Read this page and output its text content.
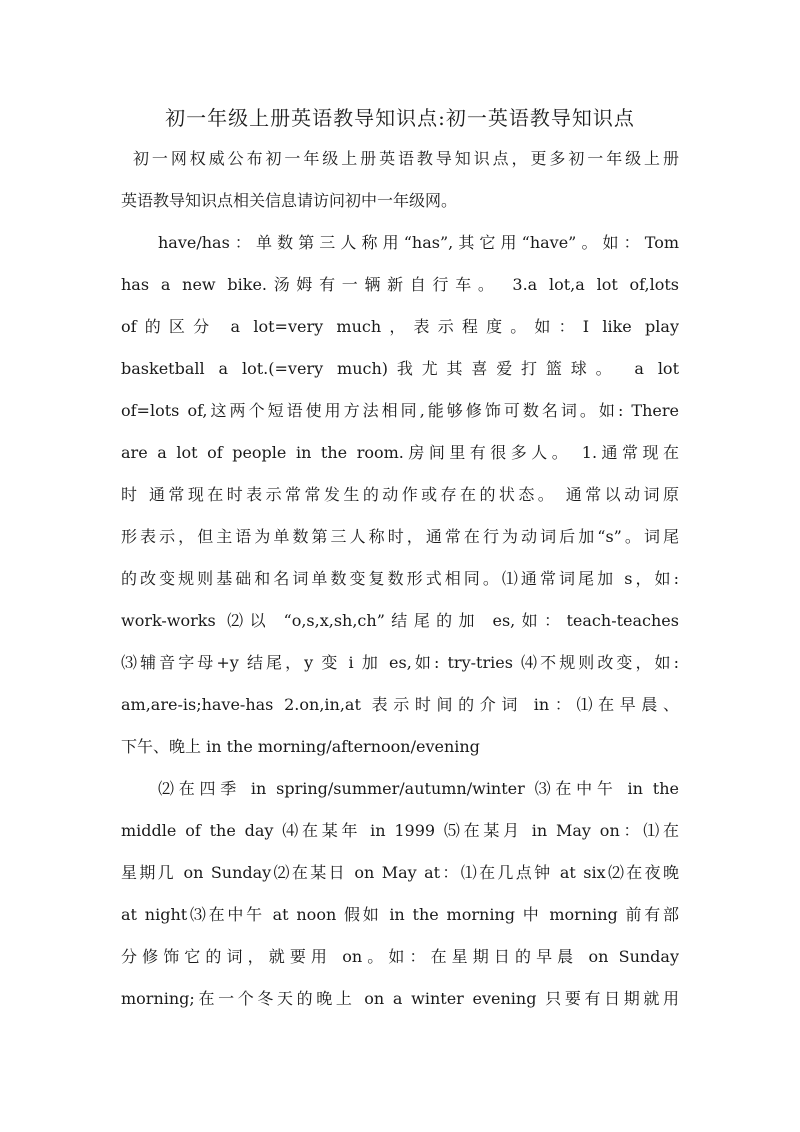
初一年级上册英语教导知识点:初一英语教导知识点
初一网权威公布初一年级上册英语教导知识点，更多初一年级上册
英语教导知识点相关信息请访问初中一年级网。
have/has：单数第三人称用“has”,其它用“have”。如：Tom
has a new bike.汤姆有一辆新自行车。 3.a lot,a lot of,lots
of的区分 a lot=very much，表示程度。如：I like play
basketball a lot.(=very much)我尤其喜爱打篮球。 a lot
of=lots of,这两个短语使用方法相同,能够修饰可数名词。如: There
are a lot of people in the room.房间里有很多人。 1.通常现在
时 通常现在时表示常常发生的动作或存在的状态。 通常以动词原
形表示，但主语为单数第三人称时，通常在行为动词后加“s”。词尾
的改变规则基础和名词单数变复数形式相同。⑴通常词尾加 s，如:
work-works ⑵以 “o,s,x,sh,ch”结尾的加 es,如：teach-teaches
⑶辅音字母+y 结尾，y 变 i 加 es,如: try-tries ⑷不规则改变，如:
am,are-is;have-has 2.on,in,at 表示时间的介词 in：⑴在早晨、
下午、晚上 in the morning/afternoon/evening
⑵在四季 in spring/summer/autumn/winter ⑶在中午 in the
middle of the day ⑷在某年 in 1999 ⑸在某月 in May on：⑴在
星期几 on Sunday⑵在某日 on May at：⑴在几点钟 at six⑵在夜晚
at night⑶在中午 at noon 假如 in the morning 中 morning 前有部
分修饰它的词，就要用 on。如：在星期日的早晨 on Sunday
morning;在一个冬天的晚上 on a winter evening 只要有日期就用
